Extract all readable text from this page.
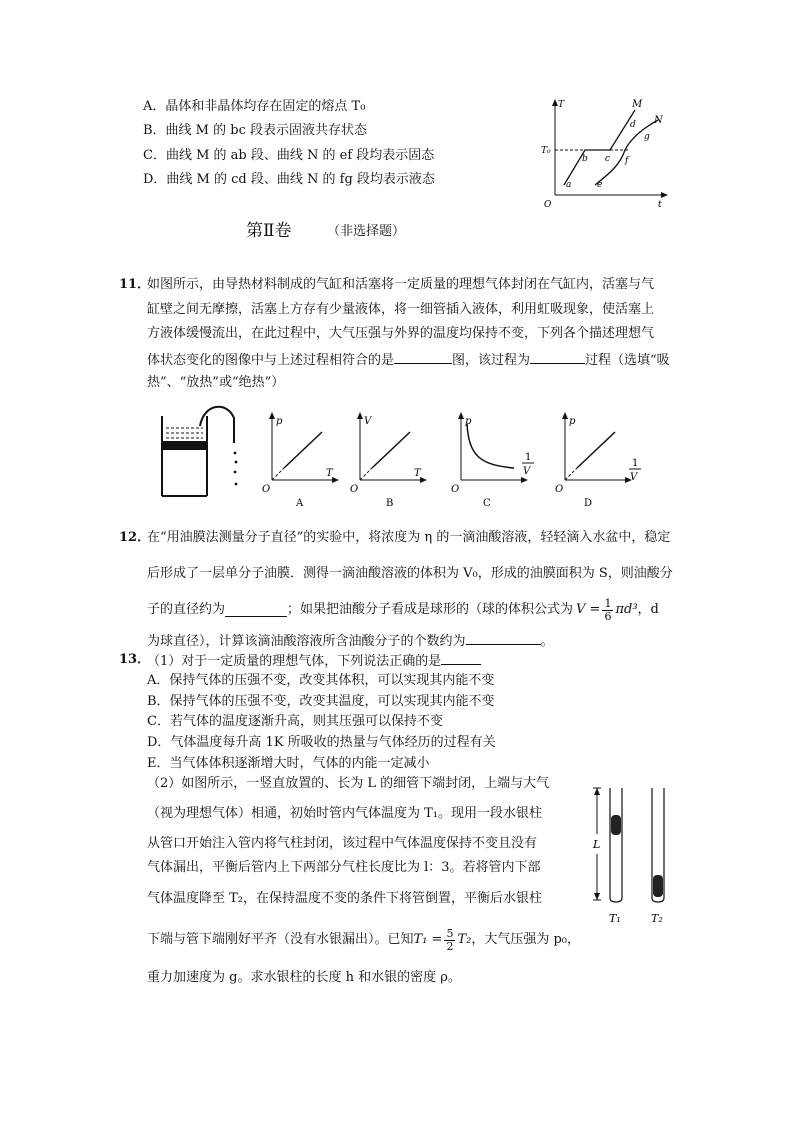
A．晶体和非晶体均存在固定的熔点 T₀
B．曲线 M 的 bc 段表示固液共存状态
C．曲线 M 的 ab 段、曲线 N 的 ef 段均表示固态
D．曲线 M 的 cd 段、曲线 N 的 fg 段均表示液态
T
T₀
M
N
a
b c
d
e
f
g
O	t
第Ⅱ卷	（非选择题）
11．
如图所示，由导热材料制成的气缸和活塞将一定质量的理想气体封闭在气缸内，活塞与气
缸壁之间无摩擦，活塞上方存有少量液体，将一细管插入液体，利用虹吸现象，使活塞上
方液体缓慢流出，在此过程中，大气压强与外界的温度均保持不变，下列各个描述理想气
体状态变化的图像中与上述过程相符合的是	图，该过程为	过程（选填“吸
热”、“放热”或“绝热”）
p
T
O
A
V
T
O
B
p
1
V
O
C
p
1
V
O
D
12．
在“用油膜法测量分子直径”的实验中，将浓度为 η 的一滴油酸溶液，轻轻滴入水盆中，稳定
后形成了一层单分子油膜．测得一滴油酸溶液的体积为 V₀，形成的油膜面积为 S，则油酸分
子的直径约为	；如果把油酸分子看成是球形的（球的体积公式为 $V = \frac{1}{6} \pi d^3$ ，d
为球直径），计算该滴油酸溶液所含油酸分子的个数约为	。
13．
（1）对于一定质量的理想气体，下列说法正确的是
A．保持气体的压强不变，改变其体积，可以实现其内能不变
B．保持气体的压强不变，改变其温度，可以实现其内能不变
C．若气体的温度逐渐升高，则其压强可以保持不变
D．气体温度每升高 1K 所吸收的热量与气体经历的过程有关
E．当气体体积逐渐增大时，气体的内能一定减小
（2）如图所示，一竖直放置的、长为 L 的细管下端封闭，上端与大气
（视为理想气体）相通，初始时管内气体温度为 T₁。现用一段水银柱
从管口开始注入管内将气柱封闭，该过程中气体温度保持不变且没有
气体漏出，平衡后管内上下两部分气柱长度比为 l：3。若将管内下部
气体温度降至 T₂，在保持温度不变的条件下将管倒置，平衡后水银柱
下端与管下端刚好平齐（没有水银漏出）。已知 $T_1 = \frac{5}{2} T_2$ ，大气压强为 p₀，
重力加速度为 g。求水银柱的长度 h 和水银的密度 ρ。
L
T₁	T₂
